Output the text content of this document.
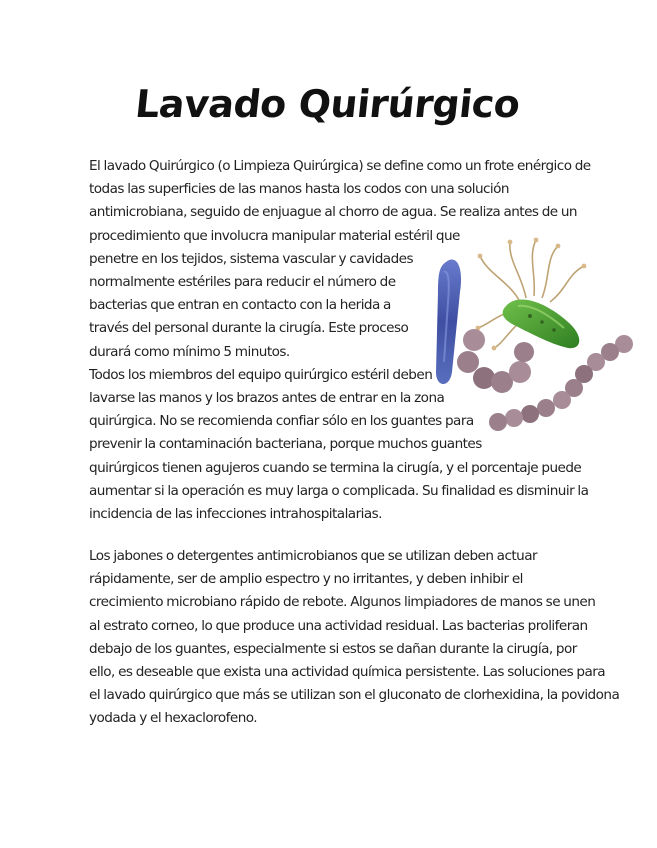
Lavado Quirúrgico
El lavado Quirúrgico (o Limpieza Quirúrgica) se define como un frote enérgico de
todas las superficies de las manos hasta los codos con una solución
antimicrobiana, seguido de enjuague al chorro de agua. Se realiza antes de un
procedimiento que involucra manipular material estéril que
penetre en los tejidos, sistema vascular y cavidades
normalmente estériles para reducir el número de
bacterias que entran en contacto con la herida a
través del personal durante la cirugía. Este proceso
durará como mínimo 5 minutos.
Todos los miembros del equipo quirúrgico estéril deben
lavarse las manos y los brazos antes de entrar en la zona
quirúrgica. No se recomienda confiar sólo en los guantes para
prevenir la contaminación bacteriana, porque muchos guantes
quirúrgicos tienen agujeros cuando se termina la cirugía, y el porcentaje puede
aumentar si la operación es muy larga o complicada. Su finalidad es disminuir la
incidencia de las infecciones intrahospitalarias.
Los jabones o detergentes antimicrobianos que se utilizan deben actuar
rápidamente, ser de amplio espectro y no irritantes, y deben inhibir el
crecimiento microbiano rápido de rebote. Algunos limpiadores de manos se unen
al estrato corneo, lo que produce una actividad residual. Las bacterias proliferan
debajo de los guantes, especialmente si estos se dañan durante la cirugía, por
ello, es deseable que exista una actividad química persistente. Las soluciones para
el lavado quirúrgico que más se utilizan son el gluconato de clorhexidina, la povidona
yodada y el hexaclorofeno.
